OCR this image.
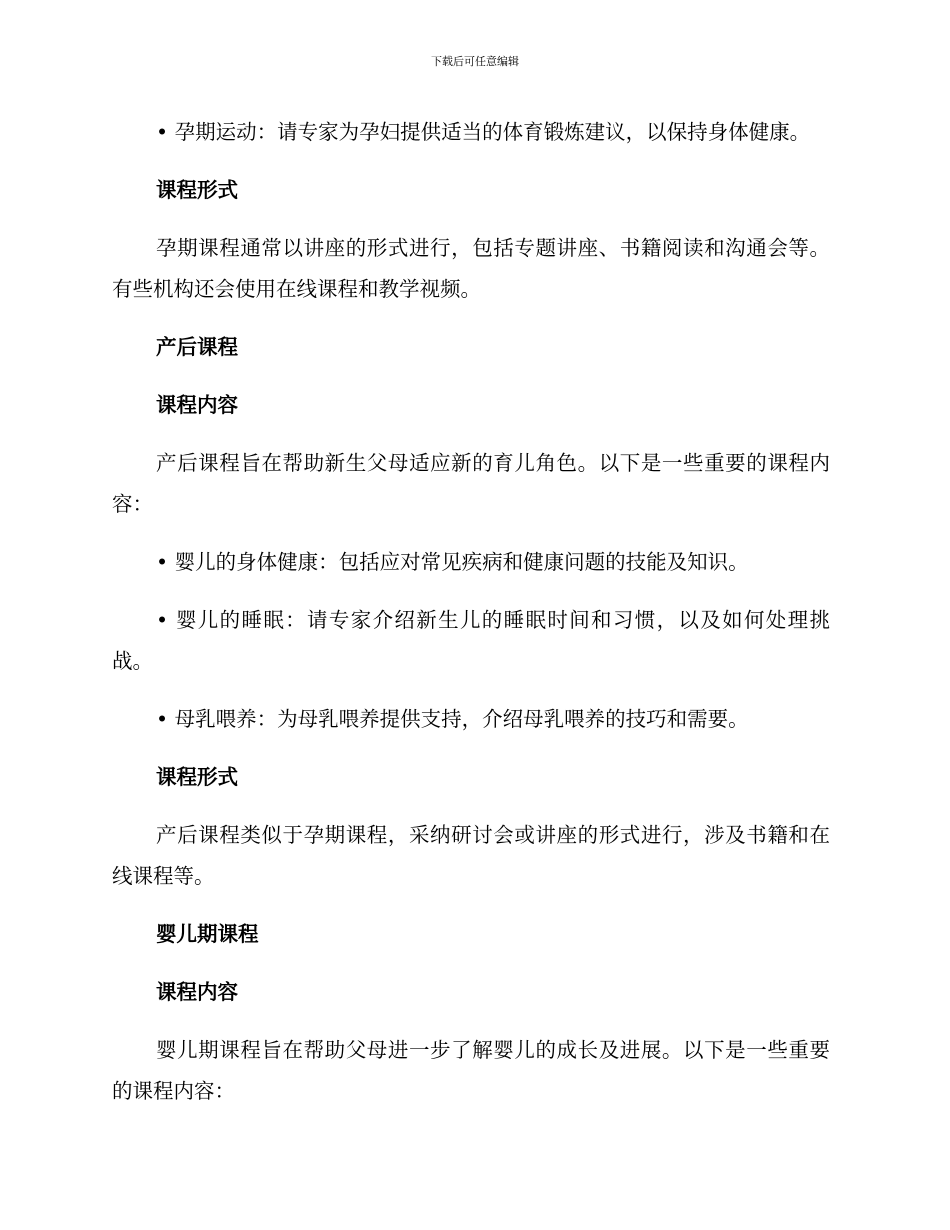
下载后可任意编辑

• 孕期运动：请专家为孕妇提供适当的体育锻炼建议，以保持身体健康。

课程形式

孕期课程通常以讲座的形式进行，包括专题讲座、书籍阅读和沟通会等。有些机构还会使用在线课程和教学视频。

产后课程

课程内容

产后课程旨在帮助新生父母适应新的育儿角色。以下是一些重要的课程内容：

• 婴儿的身体健康：包括应对常见疾病和健康问题的技能及知识。

• 婴儿的睡眠：请专家介绍新生儿的睡眠时间和习惯，以及如何处理挑战。

• 母乳喂养：为母乳喂养提供支持，介绍母乳喂养的技巧和需要。

课程形式

产后课程类似于孕期课程，采纳研讨会或讲座的形式进行，涉及书籍和在线课程等。

婴儿期课程

课程内容

婴儿期课程旨在帮助父母进一步了解婴儿的成长及进展。以下是一些重要的课程内容：
